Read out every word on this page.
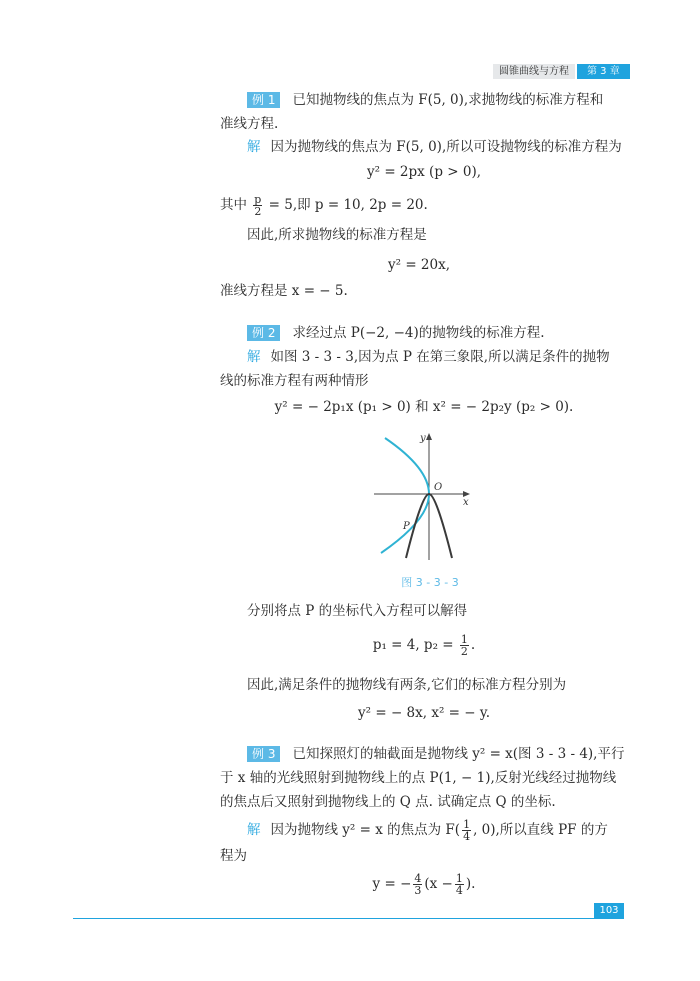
圆锥曲线与方程	第 3 章
例 1 已知抛物线的焦点为 F(5, 0),求抛物线的标准方程和
准线方程.
解 因为抛物线的焦点为 F(5, 0),所以可设抛物线的标准方程为
y² = 2px (p > 0),
其中 $\frac{p}{2} = 5$,即 p = 10, 2p = 20.
因此,所求抛物线的标准方程是
y² = 20x,
准线方程是 x = − 5.
例 2 求经过点 P(−2, −4)的抛物线的标准方程.
解 如图 3 - 3 - 3,因为点 P 在第三象限,所以满足条件的抛物
线的标准方程有两种情形
y² = − 2p₁x (p₁ > 0) 和 x² = − 2p₂y (p₂ > 0).
y
x
O
P
图 3 - 3 - 3
分别将点 P 的坐标代入方程可以解得
p₁ = 4, $p_2 = \frac{1}{2}$ .
因此,满足条件的抛物线有两条,它们的标准方程分别为
y² = − 8x, x² = − y.
例 3 已知探照灯的轴截面是抛物线 y² = x(图 3 - 3 - 4),平行
于 x 轴的光线照射到抛物线上的点 P(1, − 1),反射光线经过抛物线
的焦点后又照射到抛物线上的 Q 点. 试确定点 Q 的坐标.
解 因为抛物线 y² = x 的焦点为 $F( \frac{1}{4}$ , 0),所以直线 PF 的方
程为
y = − $\frac{4}{3} (x - \frac{1}{4}$ ).
103
